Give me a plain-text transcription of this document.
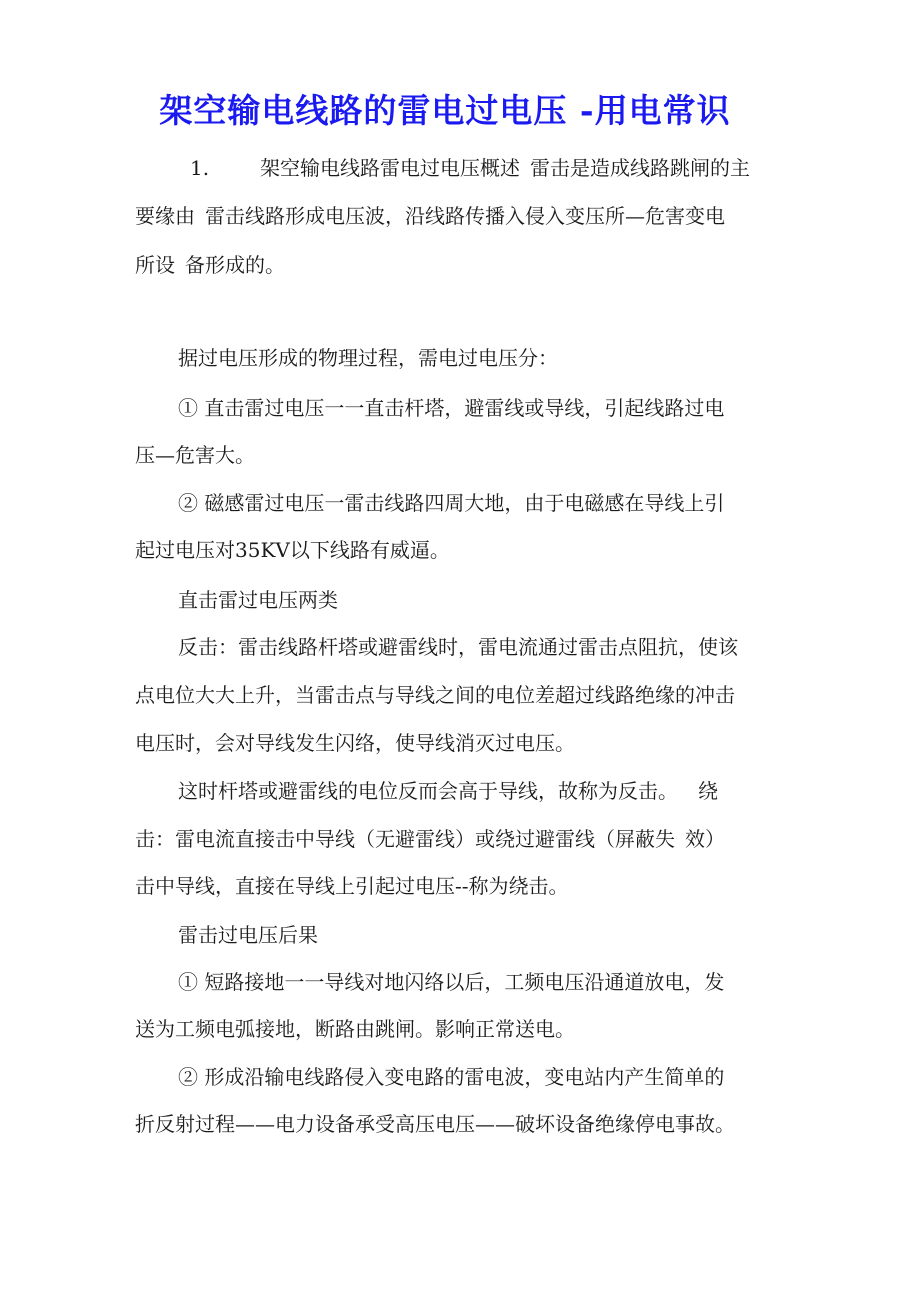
架空输电线路的雷电过电压 -用电常识
1.	架空输电线路雷电过电压概述 雷击是造成线路跳闸的主
要缘由 雷击线路形成电压波，沿线路传播入侵入变压所—危害变电
所设 备形成的。
据过电压形成的物理过程，需电过电压分：
① 直击雷过电压一一直击杆塔，避雷线或导线，引起线路过电
压—危害大。
② 磁感雷过电压一雷击线路四周大地，由于电磁感在导线上引
起过电压对35KV以下线路有威逼。
直击雷过电压两类
反击：雷击线路杆塔或避雷线时，雷电流通过雷击点阻抗，使该
点电位大大上升，当雷击点与导线之间的电位差超过线路绝缘的冲击
电压时，会对导线发生闪络，使导线消灭过电压。
这时杆塔或避雷线的电位反而会高于导线，故称为反击。 绕
击：雷电流直接击中导线（无避雷线）或绕过避雷线（屏蔽失 效）
击中导线，直接在导线上引起过电压--称为绕击。
雷击过电压后果
① 短路接地一一导线对地闪络以后，工频电压沿通道放电，发
送为工频电弧接地，断路由跳闸。影响正常送电。
② 形成沿输电线路侵入变电路的雷电波，变电站内产生简单的
折反射过程——电力设备承受高压电压——破坏设备绝缘停电事故。
